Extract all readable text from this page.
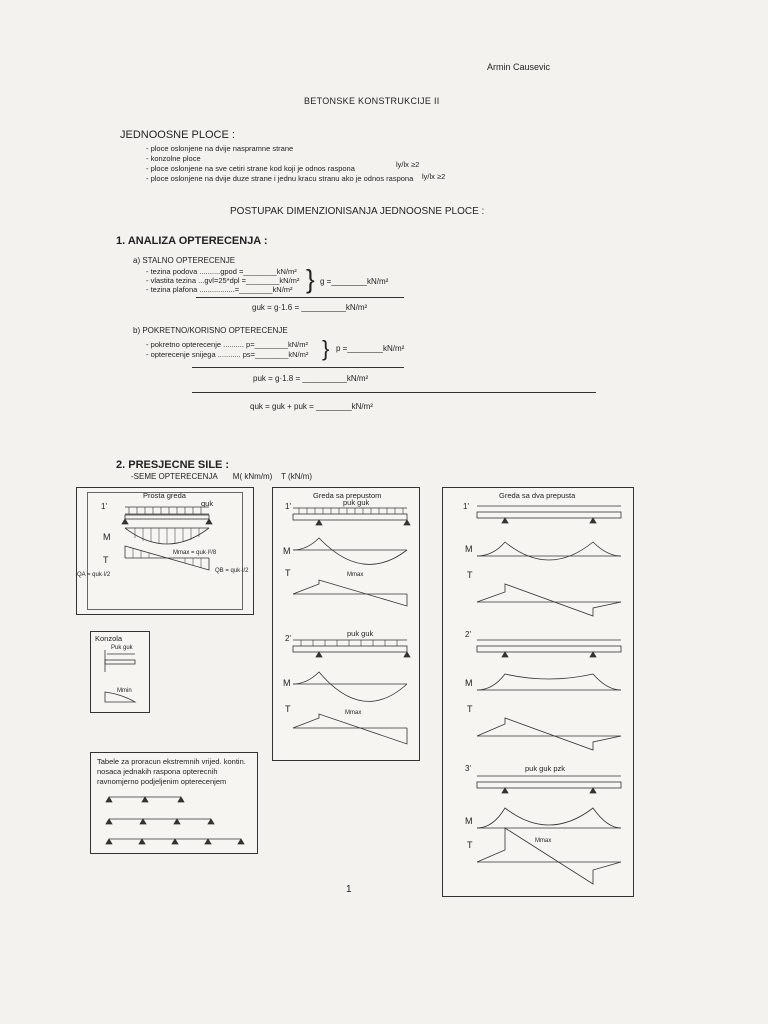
Armin Causevic
BETONSKE KONSTRUKCIJE II
JEDNOOSNE PLOCE :
- ploce oslonjene na dvije naspramne strane
- konzolne ploce
- ploce oslonjene na sve cetiri strane kod koji je odnos raspona
- ploce oslonjene na dvije duze strane i jednu kracu stranu ako je odnos raspona
ly/lx ≥2
ly/lx ≥2
POSTUPAK DIMENZIONISANJA JEDNOOSNE PLOCE :
1. ANALIZA OPTERECENJA :
a) STALNO OPTERECENJE
- tezina podova ..........gpod =________kN/m²
- vlastita tezina ...gvl=25*dpl =________kN/m²
- tezina plafona .................=________kN/m² } g =________kN/m²
guk = g·1.6 = __________kN/m²
b) POKRETNO/KORISNO OPTERECENJE
- pokretno opterecenje .......... p=________kN/m²
- opterecenje snijega ........... ps=________kN/m² } p =________kN/m²
puk = g·1.8 = __________kN/m²
quk = guk + puk = ________kN/m²
2. PRESJECNE SILE :
-SEME OPTERECENJA       M( kNm/m)    T (kN/m)
Prosta greda
1'	quk
M
T
Mmax = quk·l²/8
QA = quk·l/2
QB = quk·l/2
Greda sa prepustom
1'
2'
puk guk
puk guk
M
T
M
T
Mmax
Mmax
Greda sa dva prepusta
1'
2'
3'	puk guk pzk
M
T
M
T
M
T	Mmax
Konzola
Puk guk
Mmin
Tabele za proracun ekstremnih vrijed. kontin. nosaca jednakih raspona opterecnih ravnomjerno podjeljenim opterecenjem
1
